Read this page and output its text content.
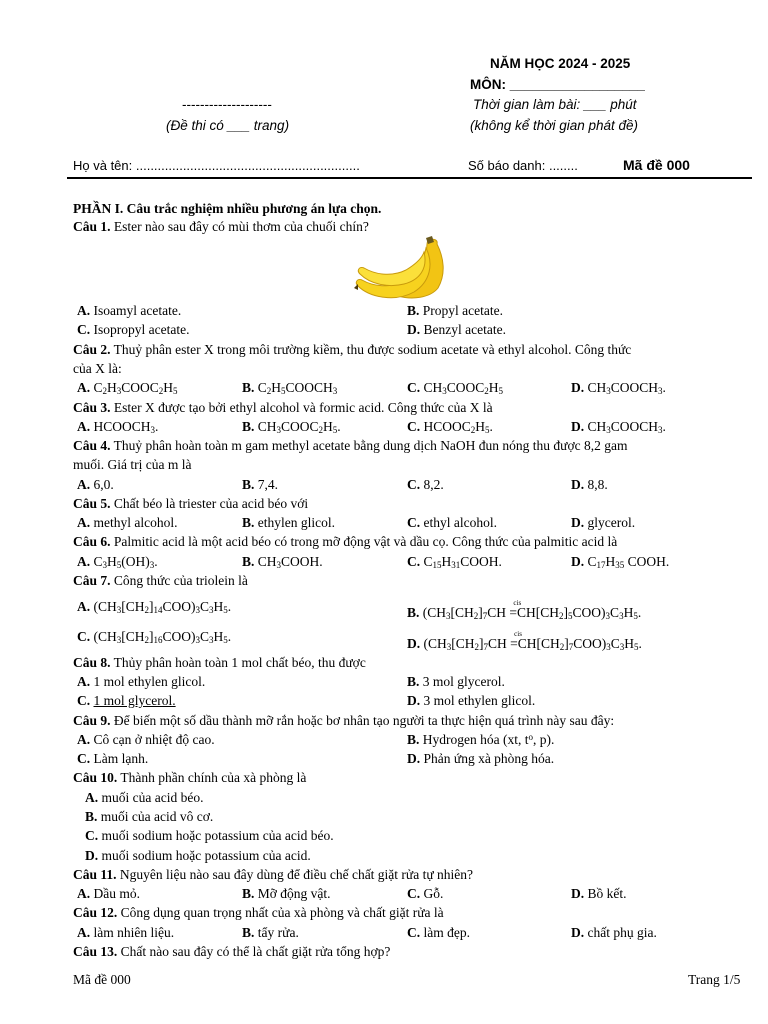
NĂM HỌC 2024 - 2025
MÔN: __________________
--------------------	Thời gian làm bài: ___ phút
(Đề thi có ___ trang)	(không kể thời gian phát đề)
Họ và tên: ..............................................................	Số báo danh: ........	Mã đề 000
PHẦN I. Câu trắc nghiệm nhiều phương án lựa chọn.
Câu 1. Ester nào sau đây có mùi thơm của chuối chín?
A. Isoamyl acetate.	B. Propyl acetate.
C. Isopropyl acetate.	D. Benzyl acetate.
Câu 2. Thuỷ phân ester X trong môi trường kiềm, thu được sodium acetate và ethyl alcohol. Công thức
của X là:
A. $C_2H_3COOC_2H_5$	B. $C_2H_5COOCH_3$	C. $CH_3COOC_2H_5$	D. $CH_3COOCH_3$.
Câu 3. Ester X được tạo bởi ethyl alcohol và formic acid. Công thức của X là
A. $HCOOCH_3$.	B. $CH_3COOC_2H_5$.	C. $HCOOC_2H_5$.	D. $CH_3COOCH_3$.
Câu 4. Thuỷ phân hoàn toàn m gam methyl acetate bằng dung dịch NaOH đun nóng thu được 8,2 gam
muối. Giá trị của m là
A. 6,0.	B. 7,4.	C. 8,2.	D. 8,8.
Câu 5. Chất béo là triester của acid béo với
A. methyl alcohol.	B. ethylen glicol.	C. ethyl alcohol.	D. glycerol.
Câu 6. Palmitic acid là một acid béo có trong mỡ động vật và dầu cọ. Công thức của palmitic acid là
A. $C_3H_5(OH)_3$.	B. $CH_3COOH$.	C. $C_{15}H_{31}COOH$.	D. $C_{17}H_{35}$ COOH.
Câu 7. Công thức của triolein là
A. $(CH_3[CH_2]_{14}COO)_3C_3H_5$.	B. ($CH_3[CH_2]_7CH$
cis
$=CH[CH_2]_5COO)_3C_3H_5$.
C. $(CH_3[CH_2]_{16}COO)_3C_3H_5$.	D. ($CH_3[CH_2]_7CH$
cis
$=CH[CH_2]_7COO)_3C_3H_5$.
Câu 8. Thủy phân hoàn toàn 1 mol chất béo, thu được
A. 1 mol ethylen glicol.	B. 3 mol glycerol.
C. 1 mol glycerol.	D. 3 mol ethylen glicol.
Câu 9. Để biến một số dầu thành mỡ rắn hoặc bơ nhân tạo người ta thực hiện quá trình này sau đây:
A. Cô cạn ở nhiệt độ cao.	B. Hydrogen hóa (xt, $t^o$, p).
C. Làm lạnh.	D. Phản ứng xà phòng hóa.
Câu 10. Thành phần chính của xà phòng là
A. muối của acid béo.
B. muối của acid vô cơ.
C. muối sodium hoặc potassium của acid béo.
D. muối sodium hoặc potassium của acid.
Câu 11. Nguyên liệu nào sau đây dùng để điều chế chất giặt rửa tự nhiên?
A. Dầu mỏ.	B. Mỡ động vật.	C. Gỗ.	D. Bồ kết.
Câu 12. Công dụng quan trọng nhất của xà phòng và chất giặt rửa là
A. làm nhiên liệu.	B. tẩy rửa.	C. làm đẹp.	D. chất phụ gia.
Câu 13. Chất nào sau đây có thể là chất giặt rửa tổng hợp?
Mã đề 000	Trang 1/5
